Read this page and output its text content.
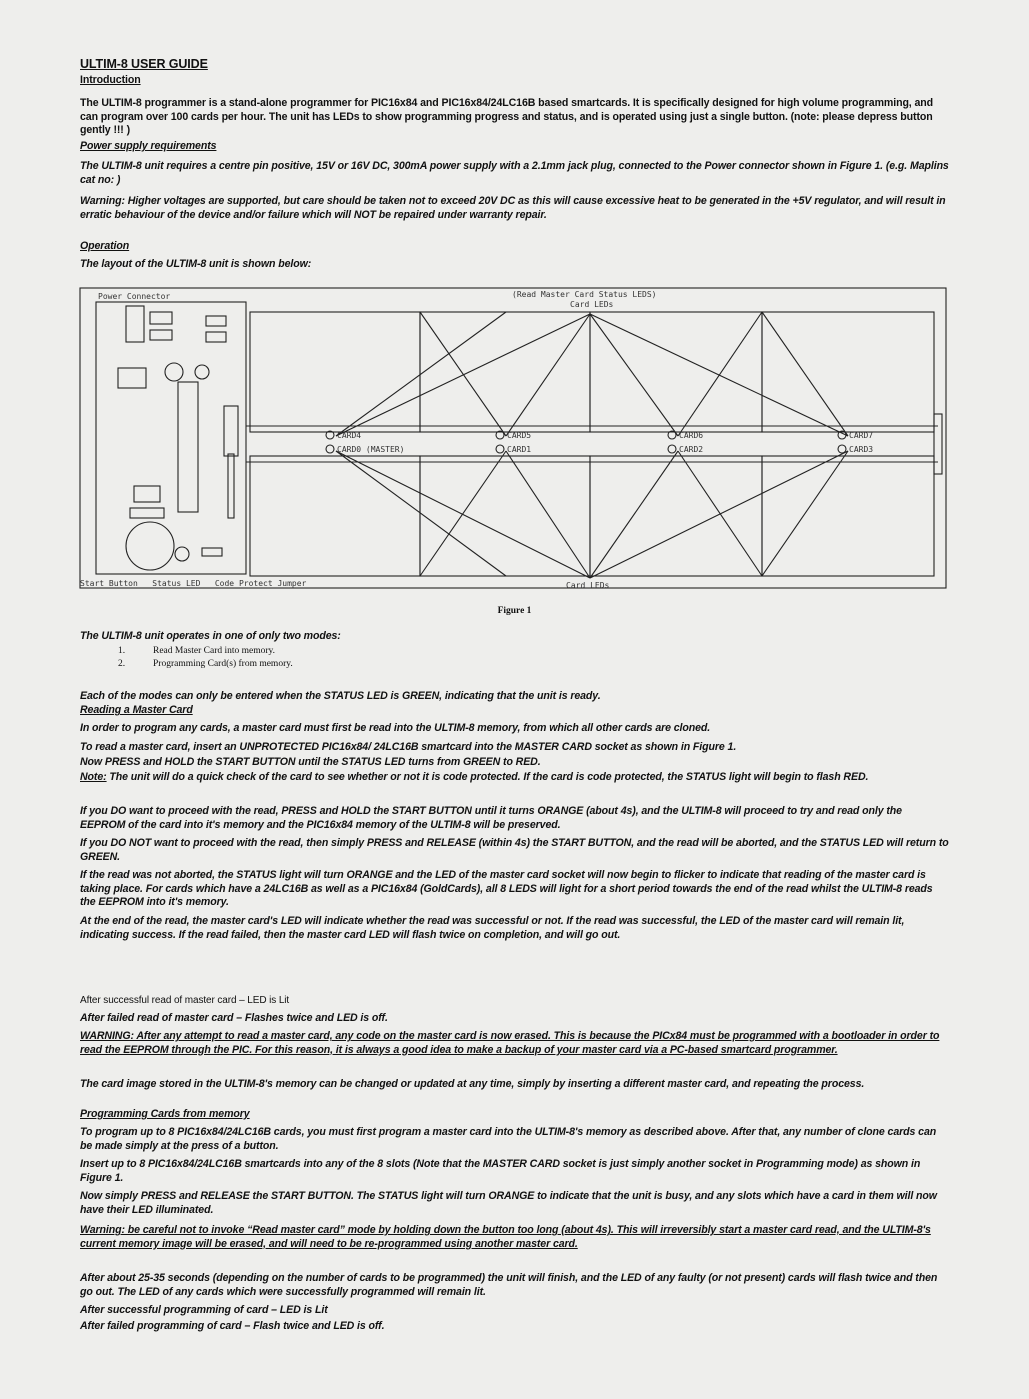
ULTIM-8 USER GUIDE
Introduction
The ULTIM-8 programmer is a stand-alone programmer for PIC16x84 and PIC16x84/24LC16B based smartcards. It is specifically designed for high volume programming, and can program over 100 cards per hour. The unit has LEDs to show programming progress and status, and is operated using just a single button. (note: please depress button gently !!! )
Power supply requirements
The ULTIM-8 unit requires a centre pin positive, 15V or 16V DC, 300mA power supply with a 2.1mm jack plug, connected to the Power connector shown in Figure 1. (e.g. Maplins cat no: )
Warning: Higher voltages are supported, but care should be taken not to exceed 20V DC as this will cause excessive heat to be generated in the +5V regulator, and will result in erratic behaviour of the device and/or failure which will NOT be repaired under warranty repair.
Operation
The layout of the ULTIM-8 unit is shown below:
Power Connector	(Read Master Card Status LEDS)
Card LEDs
Card LEDs
Start Button   Status LED   Code Protect Jumper
CARD4
CARD0 (MASTER)
CARD5
CARD1
CARD6
CARD2
CARD7
CARD3
Figure 1
The ULTIM-8 unit operates in one of only two modes:
1.	Read Master Card into memory.
2.	Programming Card(s) from memory.
Each of the modes can only be entered when the STATUS LED is GREEN, indicating that the unit is ready.
Reading a Master Card
In order to program any cards, a master card must first be read into the ULTIM-8 memory, from which all other cards are cloned.
To read a master card, insert an UNPROTECTED PIC16x84/ 24LC16B smartcard into the MASTER CARD socket as shown in Figure 1.
Now PRESS and HOLD the START BUTTON until the STATUS LED turns from GREEN to RED.
Note: The unit will do a quick check of the card to see whether or not it is code protected. If the card is code protected, the STATUS light will begin to flash RED.
If you DO want to proceed with the read, PRESS and HOLD the START BUTTON until it turns ORANGE (about 4s), and the ULTIM-8 will proceed to try and read only the EEPROM of the card into it's memory and the PIC16x84 memory of the ULTIM-8 will be preserved.
If you DO NOT want to proceed with the read, then simply PRESS and RELEASE (within 4s) the START BUTTON, and the read will be aborted, and the STATUS LED will return to GREEN.
If the read was not aborted, the STATUS light will turn ORANGE and the LED of the master card socket will now begin to flicker to indicate that reading of the master card is taking place. For cards which have a 24LC16B as well as a PIC16x84 (GoldCards), all 8 LEDS will light for a short period towards the end of the read whilst the ULTIM-8 reads the EEPROM into it's memory.
At the end of the read, the master card's LED will indicate whether the read was successful or not. If the read was successful, the LED of the master card will remain lit, indicating success. If the read failed, then the master card LED will flash twice on completion, and will go out.
After successful read of master card – LED is Lit
After failed read of master card – Flashes twice and LED is off.
WARNING: After any attempt to read a master card, any code on the master card is now erased. This is because the PICx84 must be programmed with a bootloader in order to read the EEPROM through the PIC. For this reason, it is always a good idea to make a backup of your master card via a PC-based smartcard programmer.
The card image stored in the ULTIM-8's memory can be changed or updated at any time, simply by inserting a different master card, and repeating the process.
Programming Cards from memory
To program up to 8 PIC16x84/24LC16B cards, you must first program a master card into the ULTIM-8's memory as described above. After that, any number of clone cards can be made simply at the press of a button.
Insert up to 8 PIC16x84/24LC16B smartcards into any of the 8 slots (Note that the MASTER CARD socket is just simply another socket in Programming mode) as shown in Figure 1.
Now simply PRESS and RELEASE the START BUTTON. The STATUS light will turn ORANGE to indicate that the unit is busy, and any slots which have a card in them will now have their LED illuminated.
Warning: be careful not to invoke “Read master card” mode by holding down the button too long (about 4s). This will irreversibly start a master card read, and the ULTIM-8's current memory image will be erased, and will need to be re-programmed using another master card.
After about 25-35 seconds (depending on the number of cards to be programmed) the unit will finish, and the LED of any faulty (or not present) cards will flash twice and then go out. The LED of any cards which were successfully programmed will remain lit.
After successful programming of card – LED is Lit
After failed programming of card – Flash twice and LED is off.
